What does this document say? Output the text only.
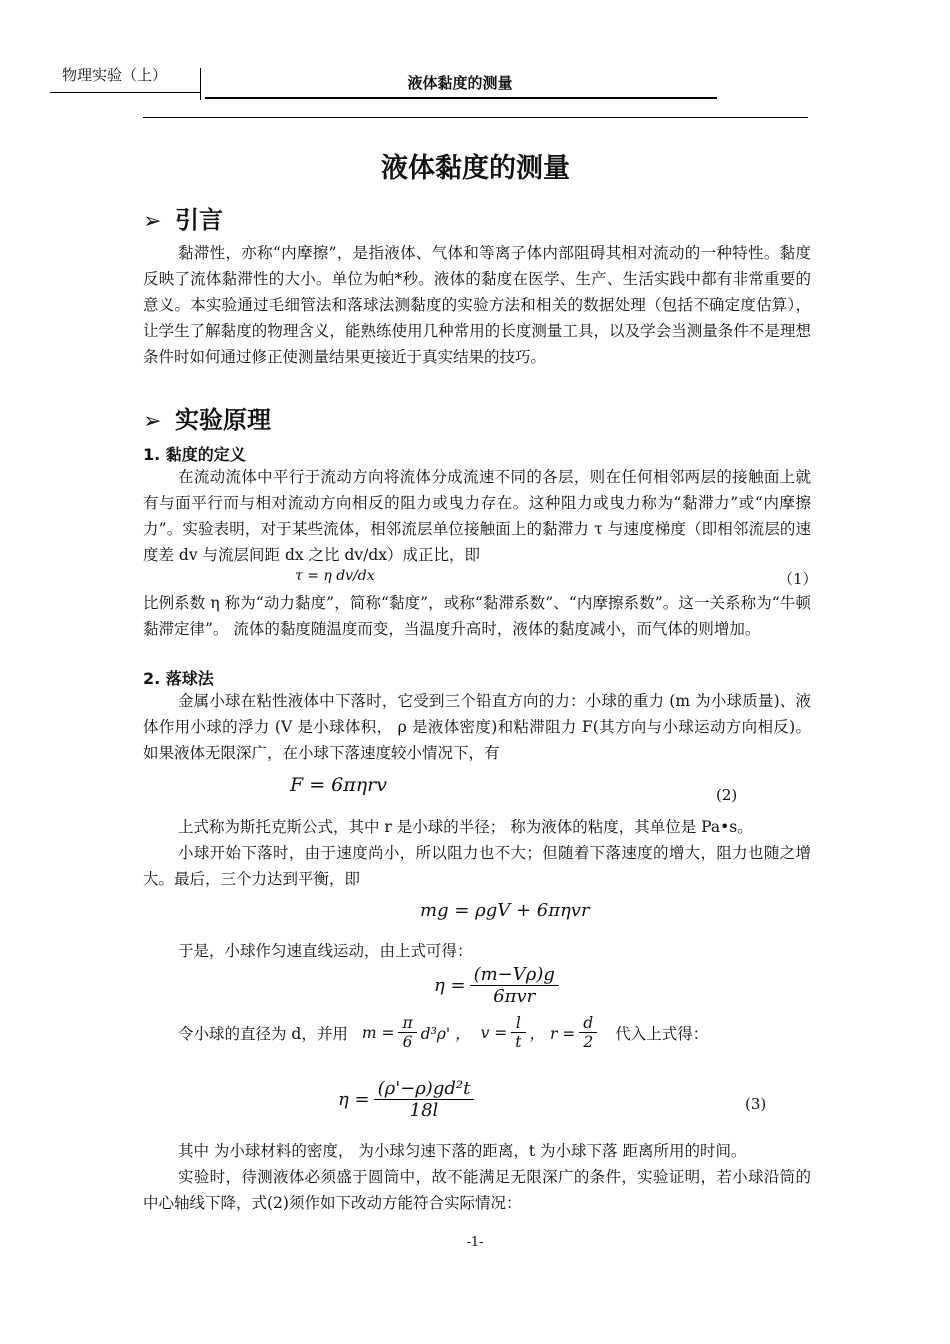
物理实验（上）	液体黏度的测量
液体黏度的测量
➢ 引言
黏滞性，亦称“内摩擦”，是指液体、气体和等离子体内部阻碍其相对流动的一种特性。黏度反映了流体黏滞性的大小。单位为帕*秒。液体的黏度在医学、生产、生活实践中都有非常重要的意义。本实验通过毛细管法和落球法测黏度的实验方法和相关的数据处理（包括不确定度估算），让学生了解黏度的物理含义，能熟练使用几种常用的长度测量工具，以及学会当测量条件不是理想条件时如何通过修正使测量结果更接近于真实结果的技巧。
➢ 实验原理
1. 黏度的定义
在流动流体中平行于流动方向将流体分成流速不同的各层，则在任何相邻两层的接触面上就有与面平行而与相对流动方向相反的阻力或曳力存在。这种阻力或曳力称为“黏滞力”或“内摩擦力”。实验表明，对于某些流体，相邻流层单位接触面上的黏滞力 τ 与速度梯度（即相邻流层的速度差 dv 与流层间距 dx 之比 dv/dx）成正比，即
τ = η dv/dx	（1）
比例系数 η 称为“动力黏度”，简称“黏度”，或称“黏滞系数”、“内摩擦系数”。这一关系称为“牛顿黏滞定律”。 流体的黏度随温度而变，当温度升高时，液体的黏度减小，而气体的则增加。
2. 落球法
金属小球在粘性液体中下落时，它受到三个铅直方向的力：小球的重力 (m 为小球质量)、液体作用小球的浮力 (V 是小球体积， ρ 是液体密度)和粘滞阻力 F(其方向与小球运动方向相反)。如果液体无限深广，在小球下落速度较小情况下，有
F = 6πηrv	(2)
上式称为斯托克斯公式，其中 r 是小球的半径； 称为液体的粘度，其单位是 Pa•s。
小球开始下落时，由于速度尚小，所以阻力也不大；但随着下落速度的增大，阻力也随之增大。最后，三个力达到平衡，即
mg = ρgV + 6πηvr
于是，小球作匀速直线运动，由上式可得：
$\eta = \frac{(m-V\rho)g}{\text{6πvr}}$
令小球的直径为 d，并用 $m = \frac{\pi}{6} d^3\rho'$ ， $v = \frac{l}{t}$ ， $r = \frac{d}{2}$ 代入上式得：
$\eta = \frac{\text{(ρ'−ρ)gd²t}}{18l}$	(3)
其中 为小球材料的密度， 为小球匀速下落的距离，t 为小球下落 距离所用的时间。
实验时，待测液体必须盛于圆筒中，故不能满足无限深广的条件，实验证明，若小球沿筒的中心轴线下降，式(2)须作如下改动方能符合实际情况：
-1-
